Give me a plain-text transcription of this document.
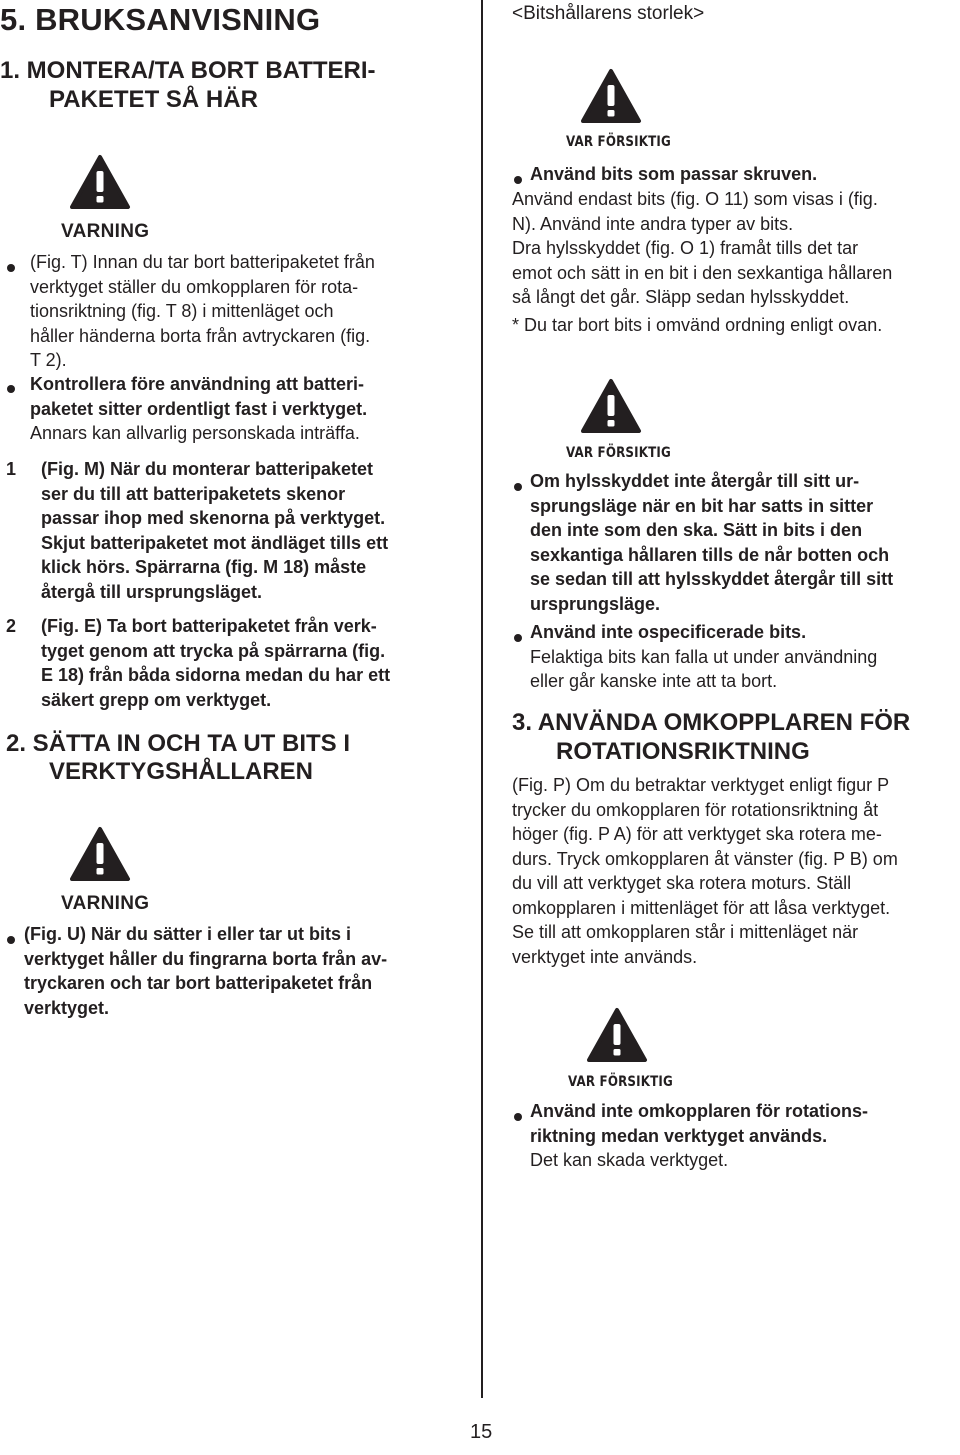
5. BRUKSANVISNING
1. MONTERA/TA BORT BATTERI-
PAKETET SÅ HÄR
VARNING
(Fig. T) Innan du tar bort batteripaketet från
verktyget ställer du omkopplaren för rota-
tionsriktning (fig. T 8) i mittenläget och
håller händerna borta från avtryckaren (fig.
T 2).
Kontrollera före användning att batteri-
paketet sitter ordentligt fast i verktyget.
Annars kan allvarlig personskada inträffa.
1 (Fig. M) När du monterar batteripaketet
ser du till att batteripaketets skenor
passar ihop med skenorna på verktyget.
Skjut batteripaketet mot ändläget tills ett
klick hörs. Spärrarna (fig. M 18) måste
återgå till ursprungsläget.
2 (Fig. E) Ta bort batteripaketet från verk-
tyget genom att trycka på spärrarna (fig.
E 18) från båda sidorna medan du har ett
säkert grepp om verktyget.
2. SÄTTA IN OCH TA UT BITS I
VERKTYGSHÅLLAREN
VARNING
(Fig. U) När du sätter i eller tar ut bits i
verktyget håller du fingrarna borta från av-
tryckaren och tar bort batteripaketet från
verktyget.
<Bitshållarens storlek>
VAR FÖRSIKTIG
Använd bits som passar skruven.
Använd endast bits (fig. O 11) som visas i (fig.
N). Använd inte andra typer av bits.
Dra hylsskyddet (fig. O 1) framåt tills det tar
emot och sätt in en bit i den sexkantiga hållaren
så långt det går. Släpp sedan hylsskyddet.
* Du tar bort bits i omvänd ordning enligt ovan.
VAR FÖRSIKTIG
Om hylsskyddet inte återgår till sitt ur-
sprungsläge när en bit har satts in sitter
den inte som den ska. Sätt in bits i den
sexkantiga hållaren tills de når botten och
se sedan till att hylsskyddet återgår till sitt
ursprungsläge.
Använd inte ospecificerade bits.
Felaktiga bits kan falla ut under användning
eller går kanske inte att ta bort.
3. ANVÄNDA OMKOPPLAREN FÖR
ROTATIONSRIKTNING
(Fig. P) Om du betraktar verktyget enligt figur P
trycker du omkopplaren för rotationsriktning åt
höger (fig. P A) för att verktyget ska rotera me-
durs. Tryck omkopplaren åt vänster (fig. P B) om
du vill att verktyget ska rotera moturs. Ställ
omkopplaren i mittenläget för att låsa verktyget.
Se till att omkopplaren står i mittenläget när
verktyget inte används.
VAR FÖRSIKTIG
Använd inte omkopplaren för rotations-
riktning medan verktyget används.
Det kan skada verktyget.
15
